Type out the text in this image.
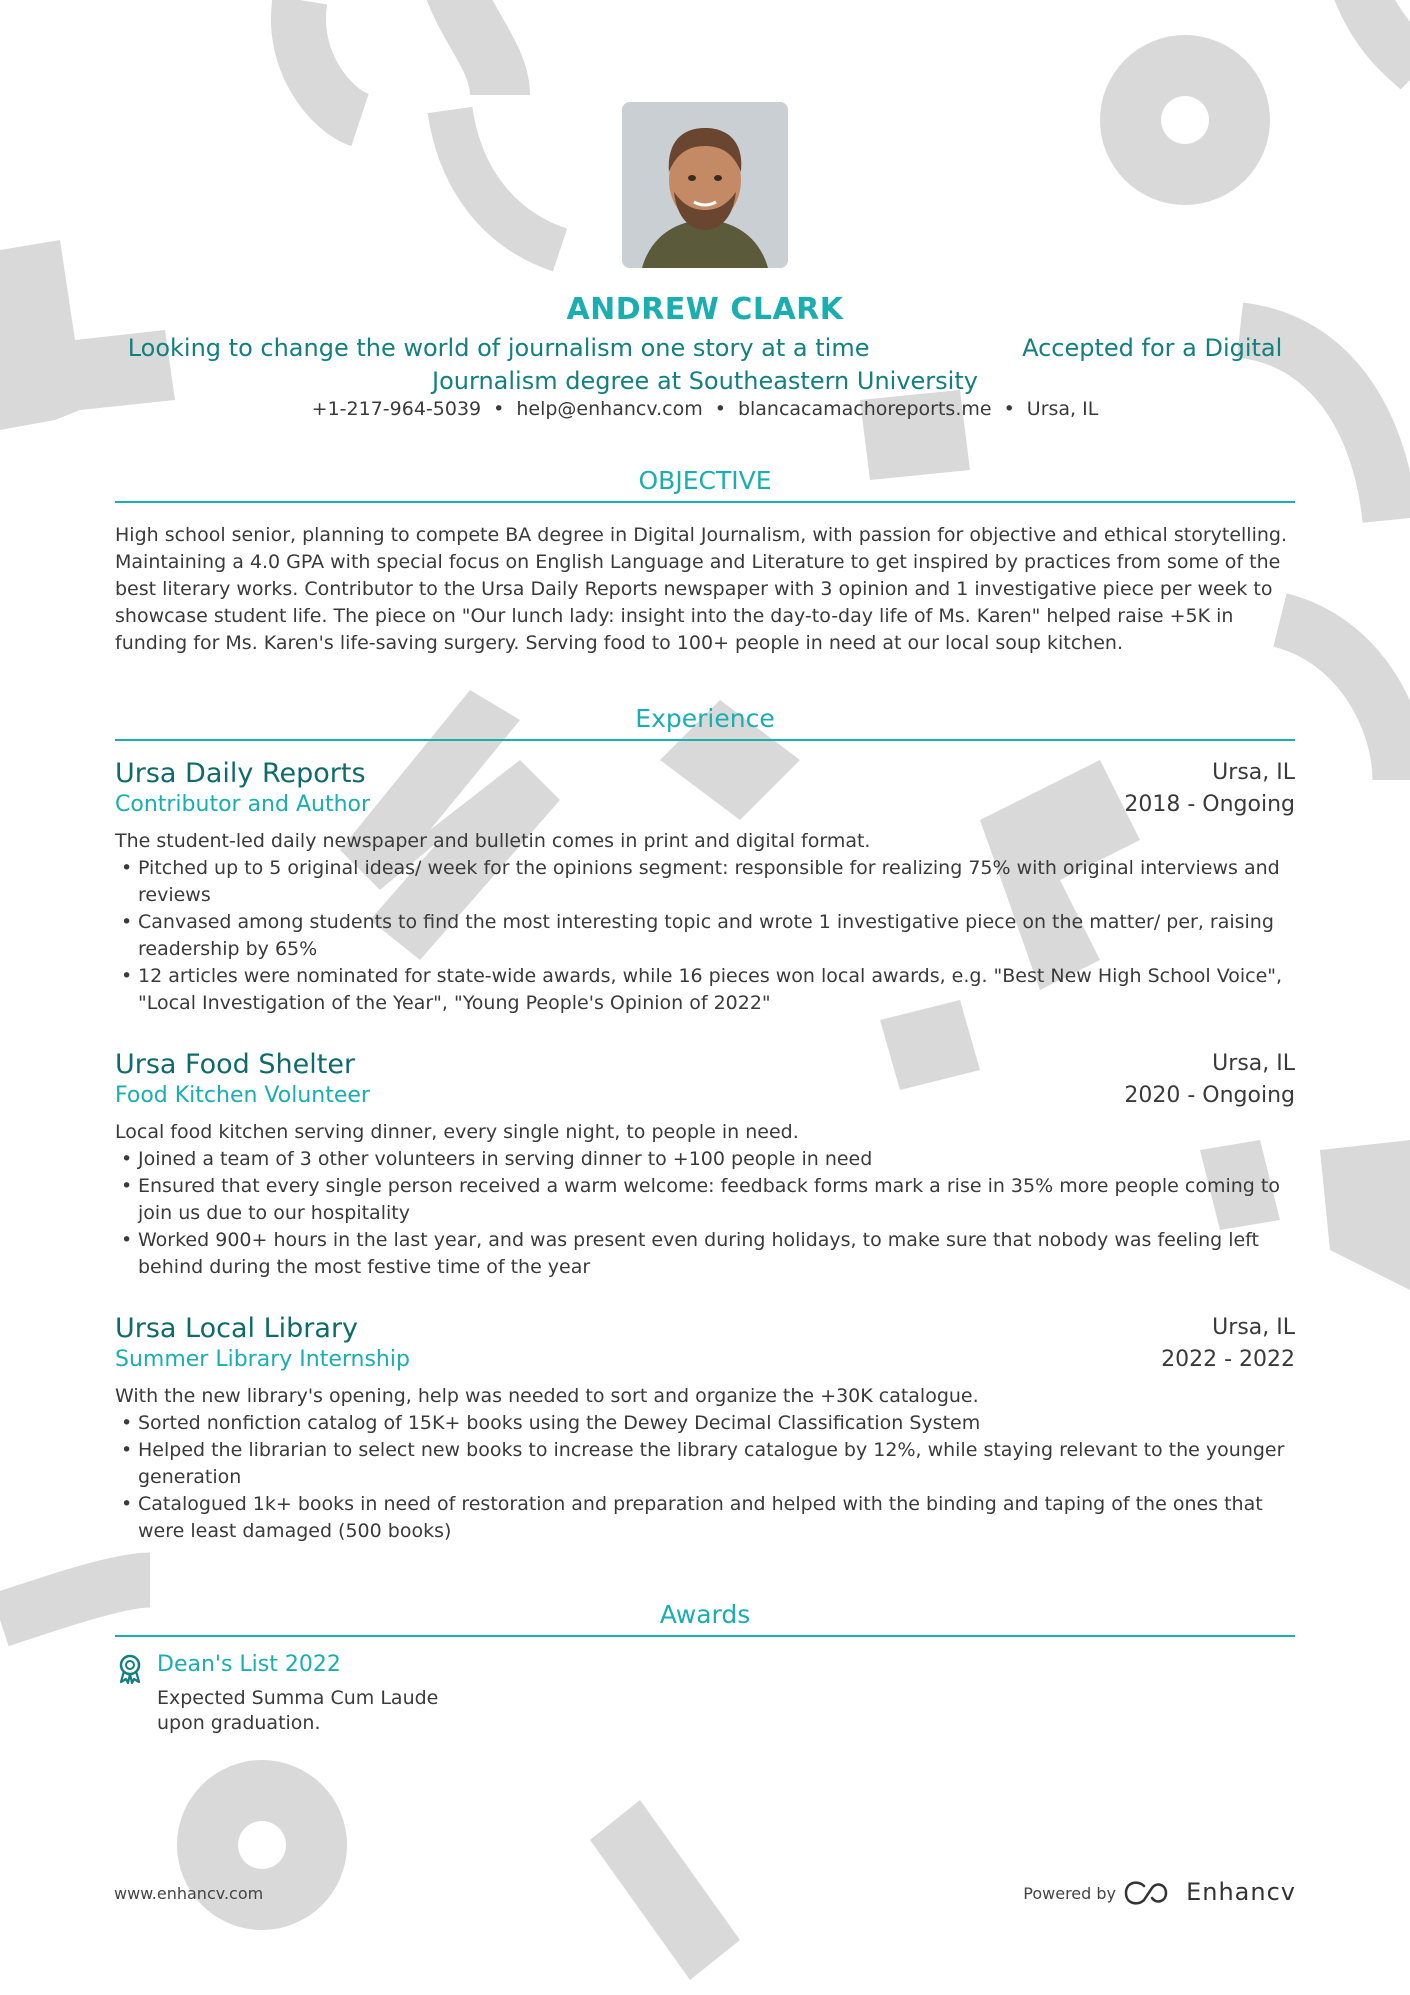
ANDREW CLARK
Looking to change the world of journalism one story at a time                    Accepted for a Digital Journalism degree at Southeastern University
+1-217-964-5039 • help@enhancv.com • blancacamachoreports.me • Ursa, IL
OBJECTIVE
High school senior, planning to compete BA degree in Digital Journalism, with passion for objective and ethical storytelling. Maintaining a 4.0 GPA with special focus on English Language and Literature to get inspired by practices from some of the best literary works. Contributor to the Ursa Daily Reports newspaper with 3 opinion and 1 investigative piece per week to showcase student life. The piece on "Our lunch lady: insight into the day-to-day life of Ms. Karen" helped raise +5K in funding for Ms. Karen's life-saving surgery. Serving food to 100+ people in need at our local soup kitchen.
Experience
Ursa Daily Reports	Ursa, IL
Contributor and Author	2018 - Ongoing
The student-led daily newspaper and bulletin comes in print and digital format.
• Pitched up to 5 original ideas/ week for the opinions segment: responsible for realizing 75% with original interviews and reviews
• Canvased among students to find the most interesting topic and wrote 1 investigative piece on the matter/ per, raising readership by 65%
• 12 articles were nominated for state-wide awards, while 16 pieces won local awards, e.g. "Best New High School Voice", "Local Investigation of the Year", "Young People's Opinion of 2022"
Ursa Food Shelter	Ursa, IL
Food Kitchen Volunteer	2020 - Ongoing
Local food kitchen serving dinner, every single night, to people in need.
• Joined a team of 3 other volunteers in serving dinner to +100 people in need
• Ensured that every single person received a warm welcome: feedback forms mark a rise in 35% more people coming to join us due to our hospitality
• Worked 900+ hours in the last year, and was present even during holidays, to make sure that nobody was feeling left behind during the most festive time of the year
Ursa Local Library	Ursa, IL
Summer Library Internship	2022 - 2022
With the new library's opening, help was needed to sort and organize the +30K catalogue.
• Sorted nonfiction catalog of 15K+ books using the Dewey Decimal Classification System
• Helped the librarian to select new books to increase the library catalogue by 12%, while staying relevant to the younger generation
• Catalogued 1k+ books in need of restoration and preparation and helped with the binding and taping of the ones that were least damaged (500 books)
Awards
Dean's List 2022
Expected Summa Cum Laude upon graduation.
www.enhancv.com	Powered by	Enhancv
